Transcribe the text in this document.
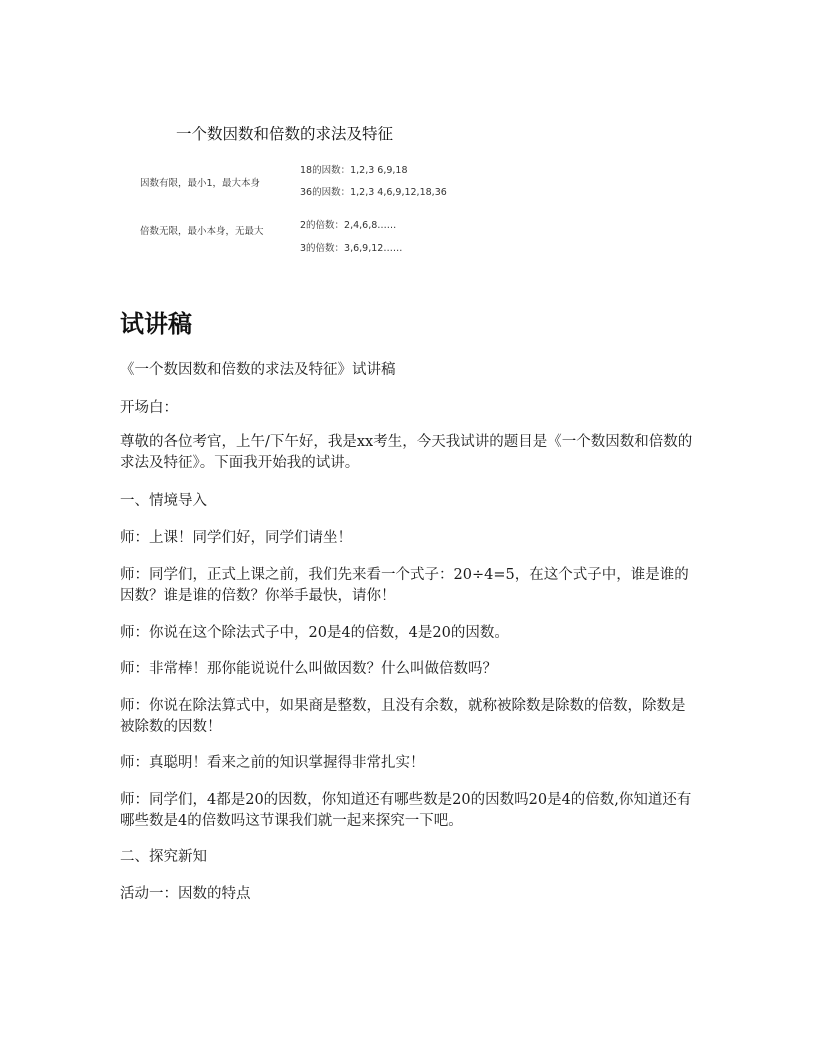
一个数因数和倍数的求法及特征
因数有限，最小1，最大本身
18的因数：1,2,3 6,9,18
36的因数：1,2,3 4,6,9,12,18,36
倍数无限，最小本身，无最大
2的倍数：2,4,6,8……
3的倍数：3,6,9,12……
试讲稿

《一个数因数和倍数的求法及特征》试讲稿

开场白：

尊敬的各位考官，上午/下午好，我是xx考生，今天我试讲的题目是《一个数因数和倍数的求法及特征》。下面我开始我的试讲。

一、情境导入

师：上课！同学们好，同学们请坐！

师：同学们，正式上课之前，我们先来看一个式子：20÷4=5，在这个式子中，谁是谁的因数？谁是谁的倍数？你举手最快，请你！

师：你说在这个除法式子中，20是4的倍数，4是20的因数。

师：非常棒！那你能说说什么叫做因数？什么叫做倍数吗？

师：你说在除法算式中，如果商是整数，且没有余数，就称被除数是除数的倍数，除数是被除数的因数！

师：真聪明！看来之前的知识掌握得非常扎实！

师：同学们，4都是20的因数，你知道还有哪些数是20的因数吗20是4的倍数,你知道还有哪些数是4的倍数吗这节课我们就一起来探究一下吧。

二、探究新知

活动一：因数的特点
